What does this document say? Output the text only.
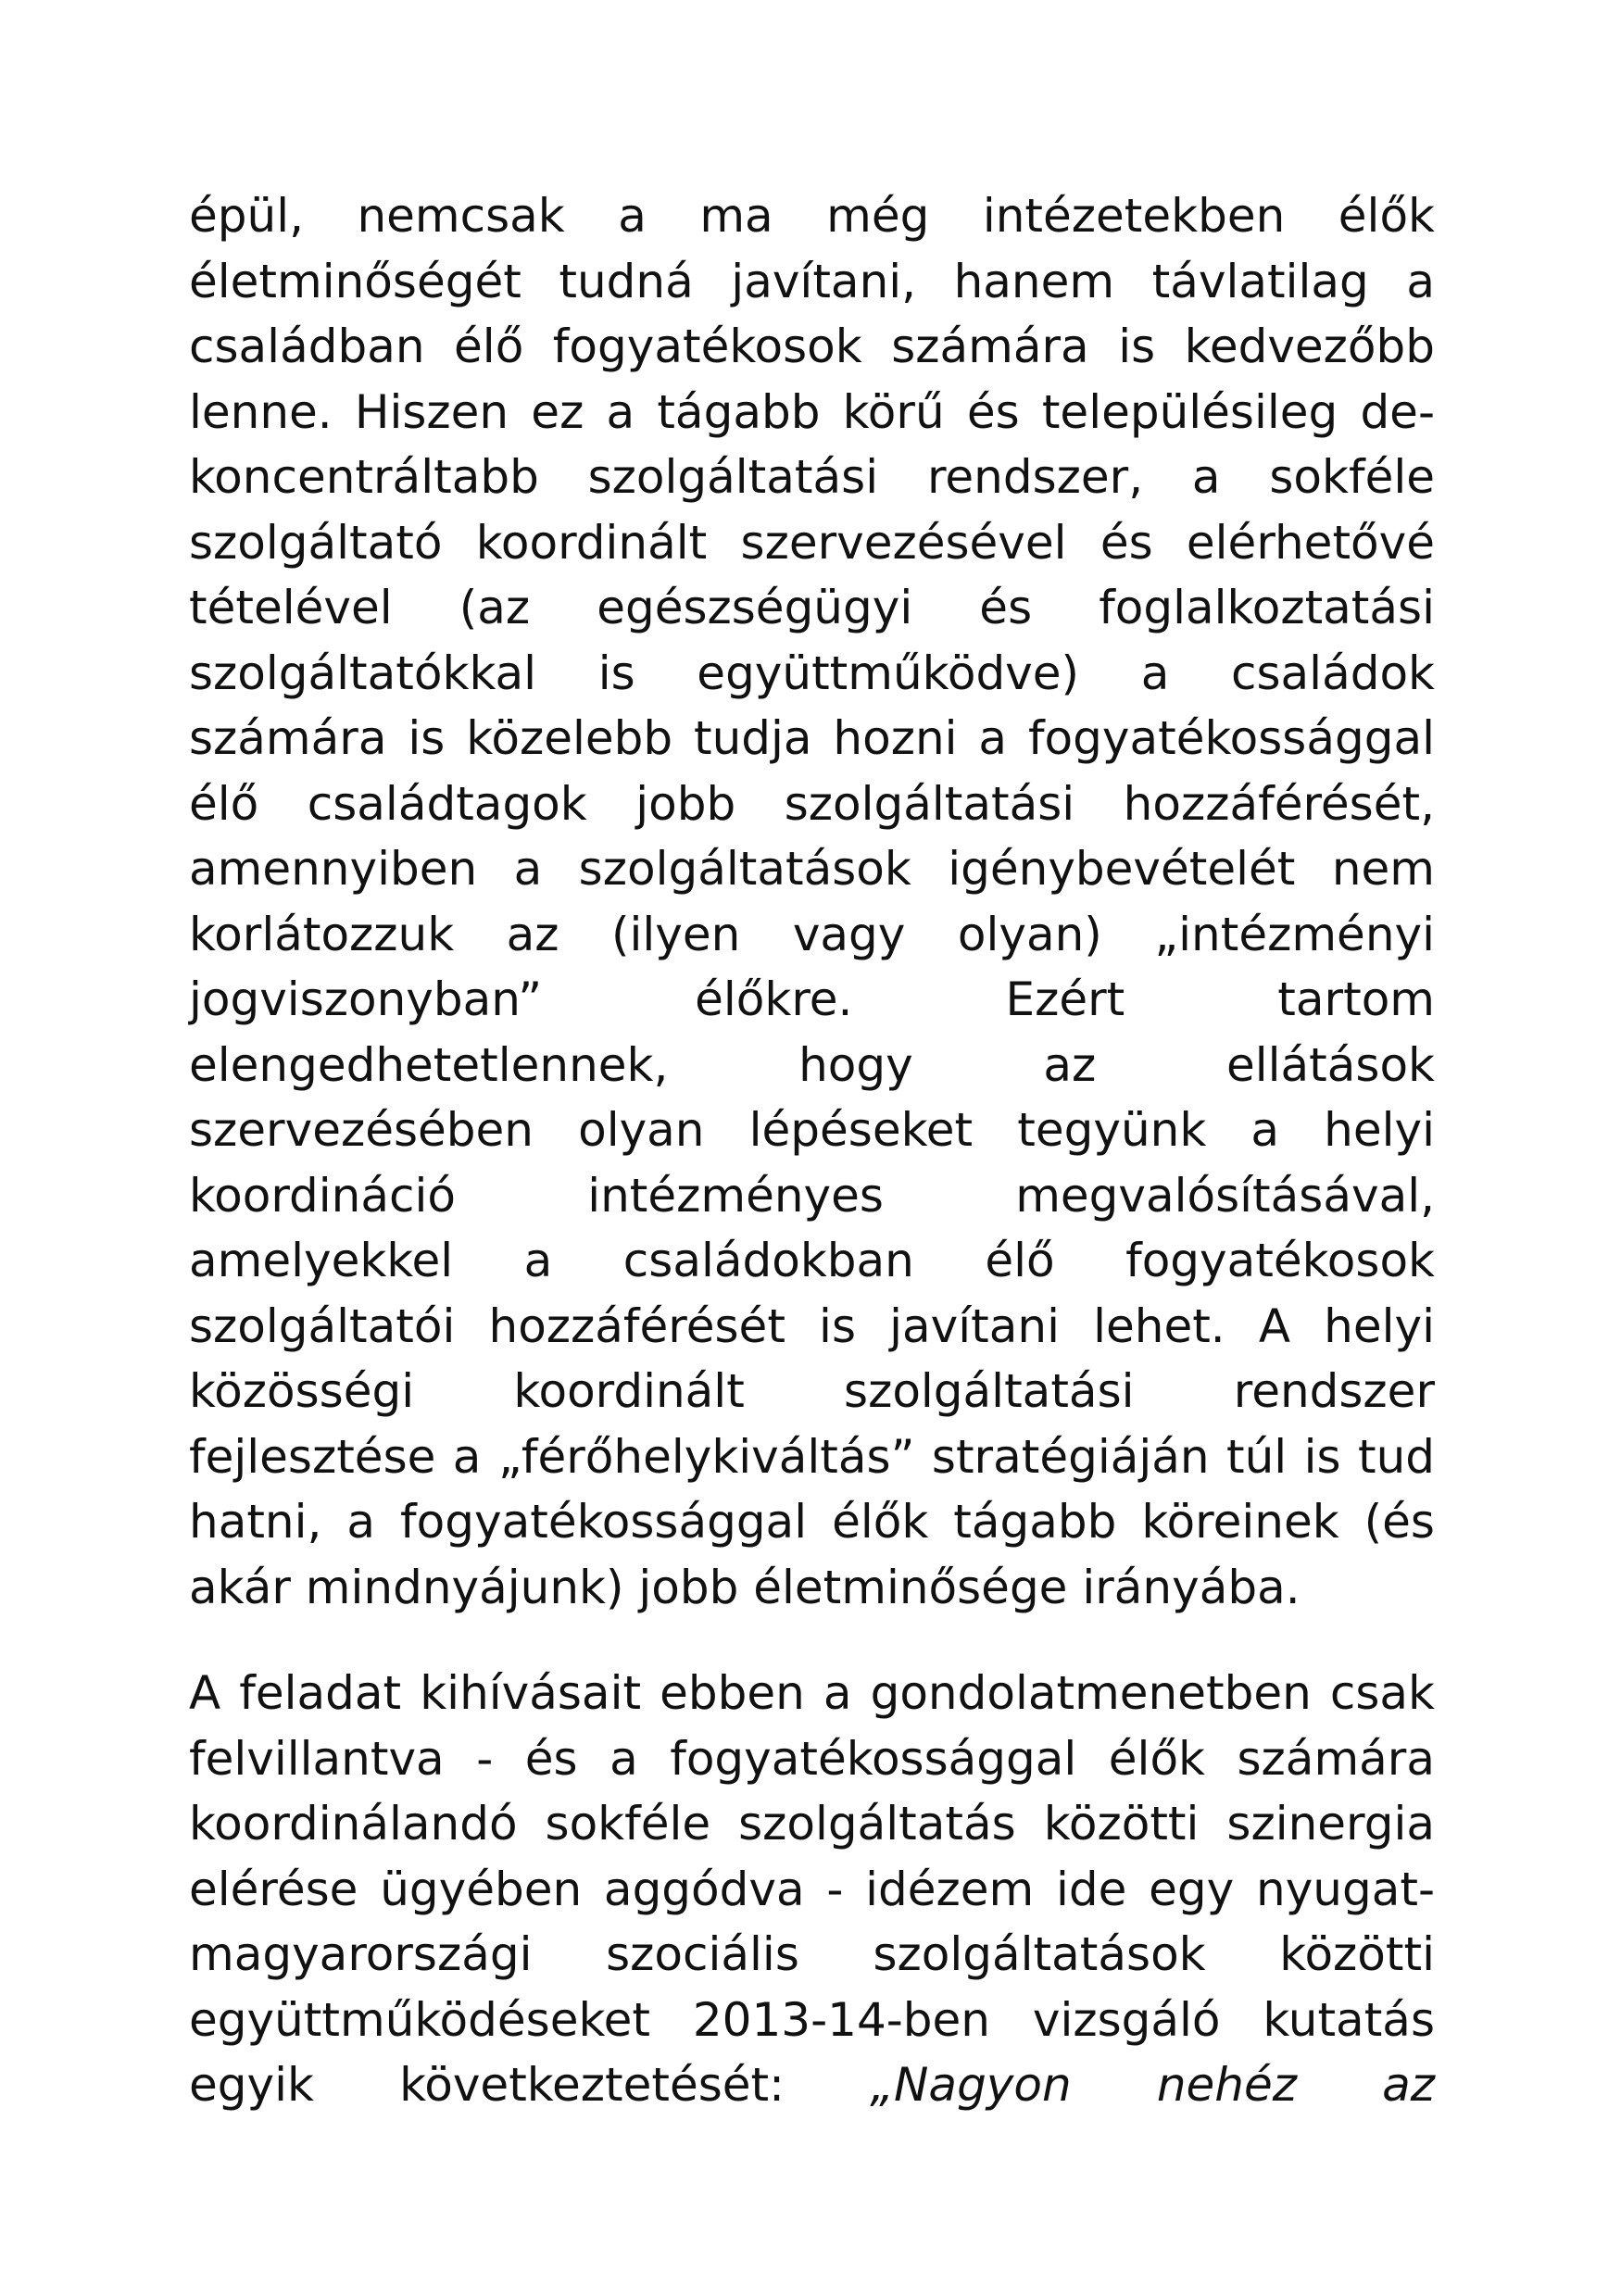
épül, nemcsak a ma még intézetekben élők
életminőségét tudná javítani, hanem távlatilag a
családban élő fogyatékosok számára is kedvezőbb
lenne. Hiszen ez a tágabb körű és településileg de-
koncentráltabb szolgáltatási rendszer, a sokféle
szolgáltató koordinált szervezésével és elérhetővé
tételével (az egészségügyi és foglalkoztatási
szolgáltatókkal is együttműködve) a családok
számára is közelebb tudja hozni a fogyatékossággal
élő családtagok jobb szolgáltatási hozzáférését,
amennyiben a szolgáltatások igénybevételét nem
korlátozzuk az (ilyen vagy olyan) „intézményi
jogviszonyban” élőkre. Ezért tartom
elengedhetetlennek, hogy az ellátások
szervezésében olyan lépéseket tegyünk a helyi
koordináció intézményes megvalósításával,
amelyekkel a családokban élő fogyatékosok
szolgáltatói hozzáférését is javítani lehet. A helyi
közösségi koordinált szolgáltatási rendszer
fejlesztése a „férőhelykiváltás” stratégiáján túl is tud
hatni, a fogyatékossággal élők tágabb köreinek (és
akár mindnyájunk) jobb életminősége irányába.
A feladat kihívásait ebben a gondolatmenetben csak
felvillantva - és a fogyatékossággal élők számára
koordinálandó sokféle szolgáltatás közötti szinergia
elérése ügyében aggódva - idézem ide egy nyugat-
magyarországi szociális szolgáltatások közötti
együttműködéseket 2013-14-ben vizsgáló kutatás
egyik következtetését: „Nagyon nehéz az
